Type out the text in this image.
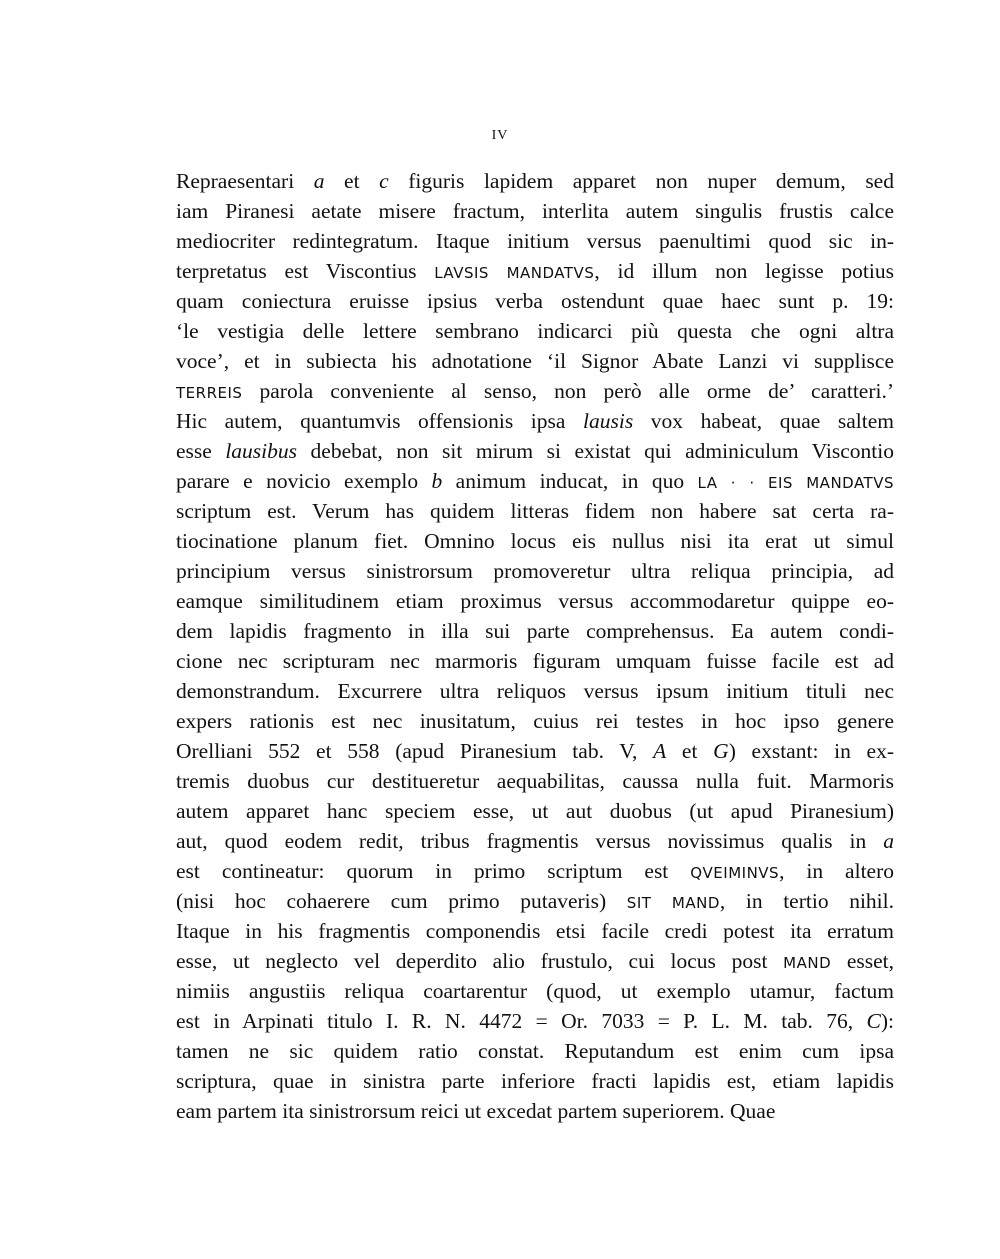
IV
Repraesentari a et c figuris lapidem apparet non nuper demum, sed
iam Piranesi aetate misere fractum, interlita autem singulis frustis calce
mediocriter redintegratum. Itaque initium versus paenultimi quod sic in-
terpretatus est Viscontius LAVSIS MANDATVS, id illum non legisse potius
quam coniectura eruisse ipsius verba ostendunt quae haec sunt p. 19:
‘le vestigia delle lettere sembrano indicarci più questa che ogni altra
voce’, et in subiecta his adnotatione ‘il Signor Abate Lanzi vi supplisce
TERREIS parola conveniente al senso, non però alle orme de’ caratteri.’
Hic autem, quantumvis offensionis ipsa lausis vox habeat, quae saltem
esse lausibus debebat, non sit mirum si existat qui adminiculum Viscontio
parare e novicio exemplo b animum inducat, in quo LA · · EIS MANDATVS
scriptum est. Verum has quidem litteras fidem non habere sat certa ra-
tiocinatione planum fiet. Omnino locus eis nullus nisi ita erat ut simul
principium versus sinistrorsum promoveretur ultra reliqua principia, ad
eamque similitudinem etiam proximus versus accommodaretur quippe eo-
dem lapidis fragmento in illa sui parte comprehensus. Ea autem condi-
cione nec scripturam nec marmoris figuram umquam fuisse facile est ad
demonstrandum. Excurrere ultra reliquos versus ipsum initium tituli nec
expers rationis est nec inusitatum, cuius rei testes in hoc ipso genere
Orelliani 552 et 558 (apud Piranesium tab. V, A et G) exstant: in ex-
tremis duobus cur destitueretur aequabilitas, caussa nulla fuit. Marmoris
autem apparet hanc speciem esse, ut aut duobus (ut apud Piranesium)
aut, quod eodem redit, tribus fragmentis versus novissimus qualis in a
est contineatur: quorum in primo scriptum est QVEIMINVS, in altero
(nisi hoc cohaerere cum primo putaveris) SIT MAND, in tertio nihil.
Itaque in his fragmentis componendis etsi facile credi potest ita erratum
esse, ut neglecto vel deperdito alio frustulo, cui locus post MAND esset,
nimiis angustiis reliqua coartarentur (quod, ut exemplo utamur, factum
est in Arpinati titulo I. R. N. 4472 = Or. 7033 = P. L. M. tab. 76, C):
tamen ne sic quidem ratio constat. Reputandum est enim cum ipsa
scriptura, quae in sinistra parte inferiore fracti lapidis est, etiam lapidis
eam partem ita sinistrorsum reici ut excedat partem superiorem. Quae
